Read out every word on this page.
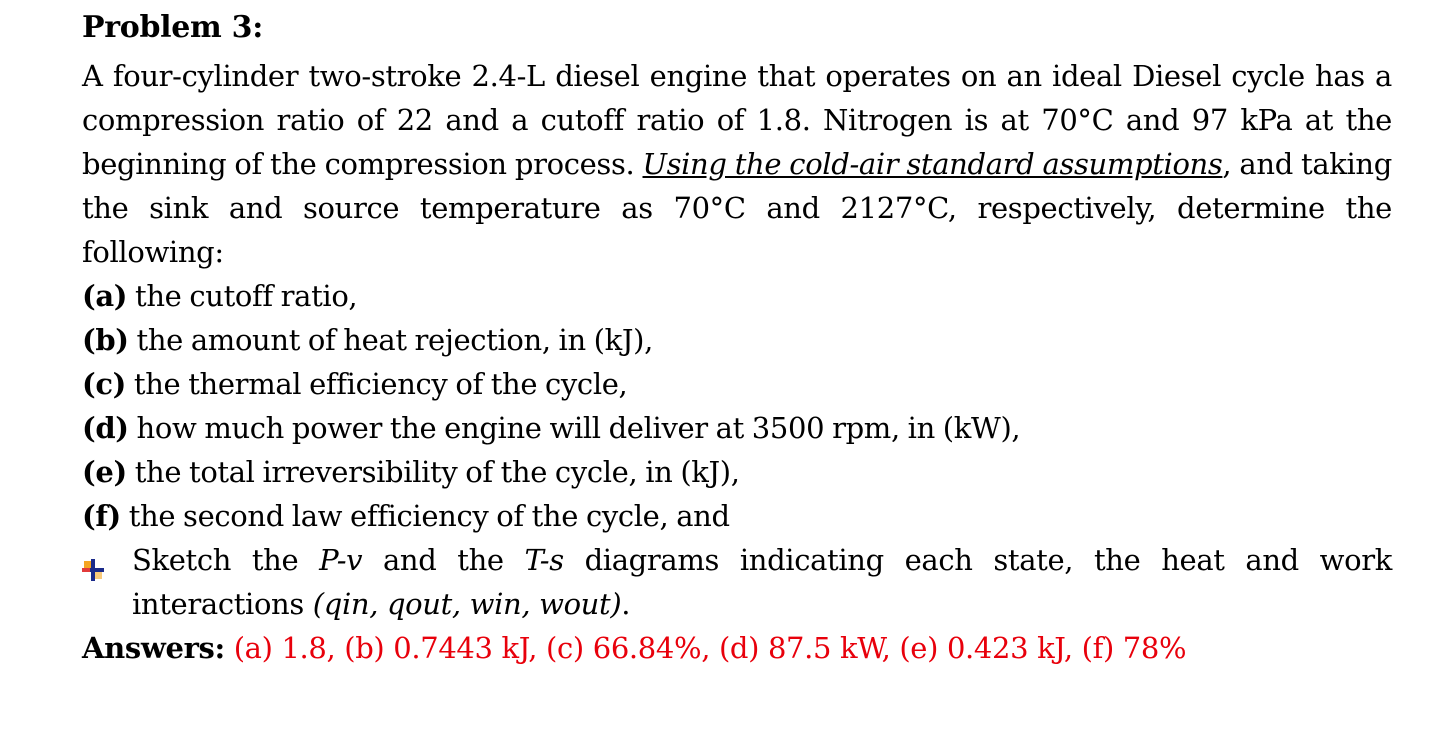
Problem 3:

A four-cylinder two-stroke 2.4-L diesel engine that operates on an ideal Diesel cycle has a compression ratio of 22 and a cutoff ratio of 1.8. Nitrogen is at 70°C and 97 kPa at the beginning of the compression process. Using the cold-air standard assumptions, and taking the sink and source temperature as 70°C and 2127°C, respectively, determine the following:

(a) the cutoff ratio,
(b) the amount of heat rejection, in (kJ),
(c) the thermal efficiency of the cycle,
(d) how much power the engine will deliver at 3500 rpm, in (kW),
(e) the total irreversibility of the cycle, in (kJ),
(f) the second law efficiency of the cycle, and

Sketch the P-v and the T-s diagrams indicating each state, the heat and work interactions (qin, qout, win, wout).

Answers: (a) 1.8, (b) 0.7443 kJ, (c) 66.84%, (d) 87.5 kW, (e) 0.423 kJ, (f) 78%
